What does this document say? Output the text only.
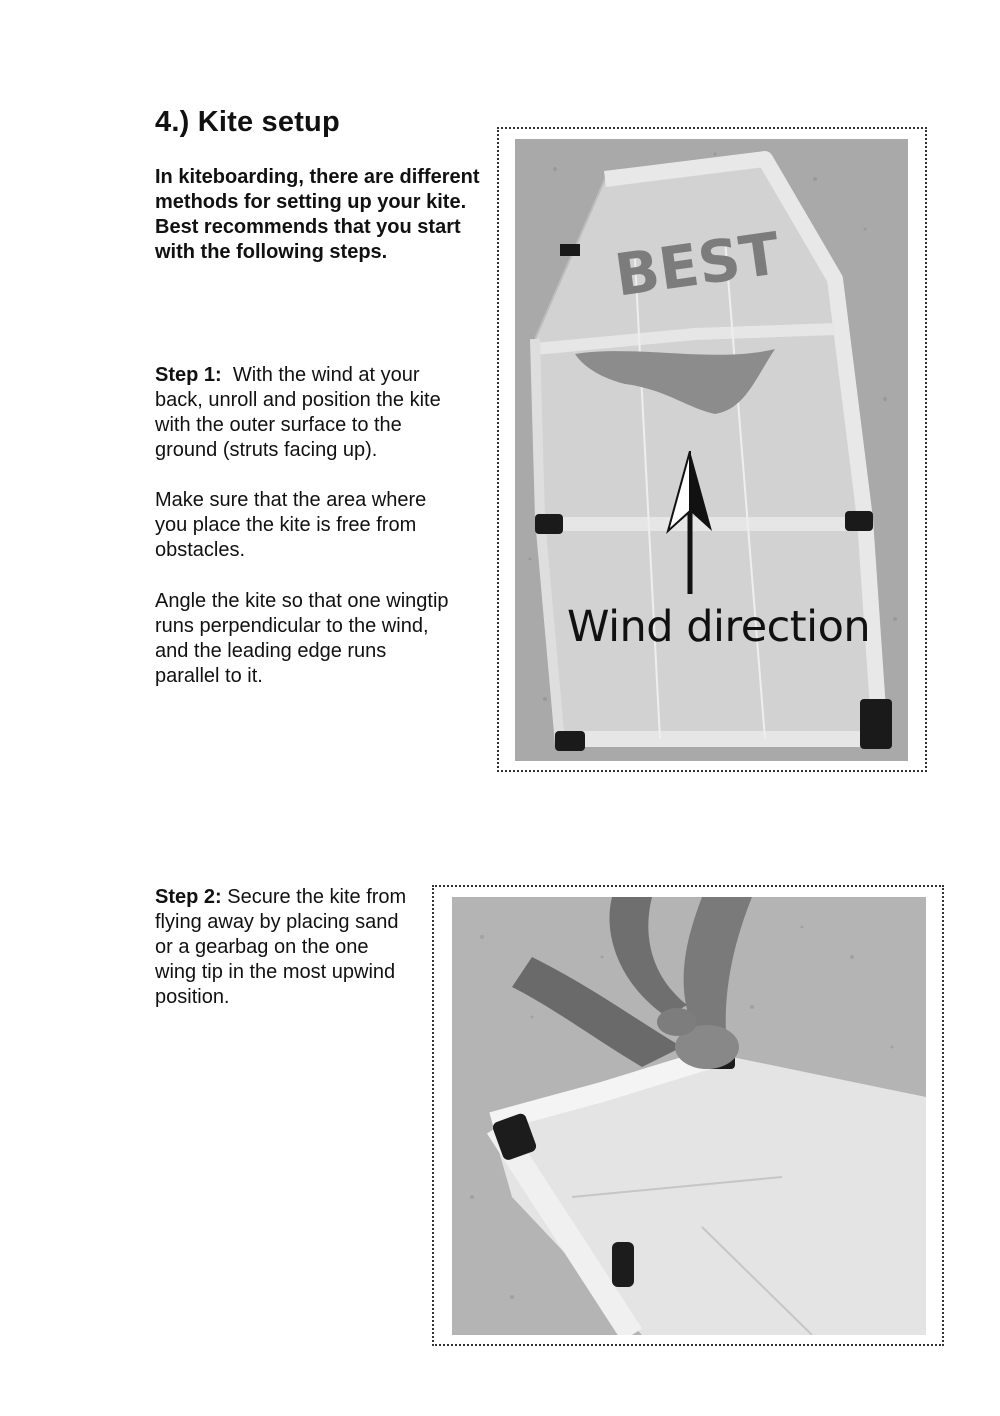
4.) Kite setup

In kiteboarding, there are different methods for setting up your kite. Best recommends that you start with the following steps.

Step 1: With the wind at your back, unroll and position the kite with the outer surface to the ground (struts facing up).

Make sure that the area where you place the kite is free from obstacles.

Angle the kite so that one wingtip runs perpendicular to the wind, and the leading edge runs parallel to it.

Step 2: Secure the kite from flying away by placing sand or a gearbag on the one wing tip in the most upwind position.

BEST
Wind direction
